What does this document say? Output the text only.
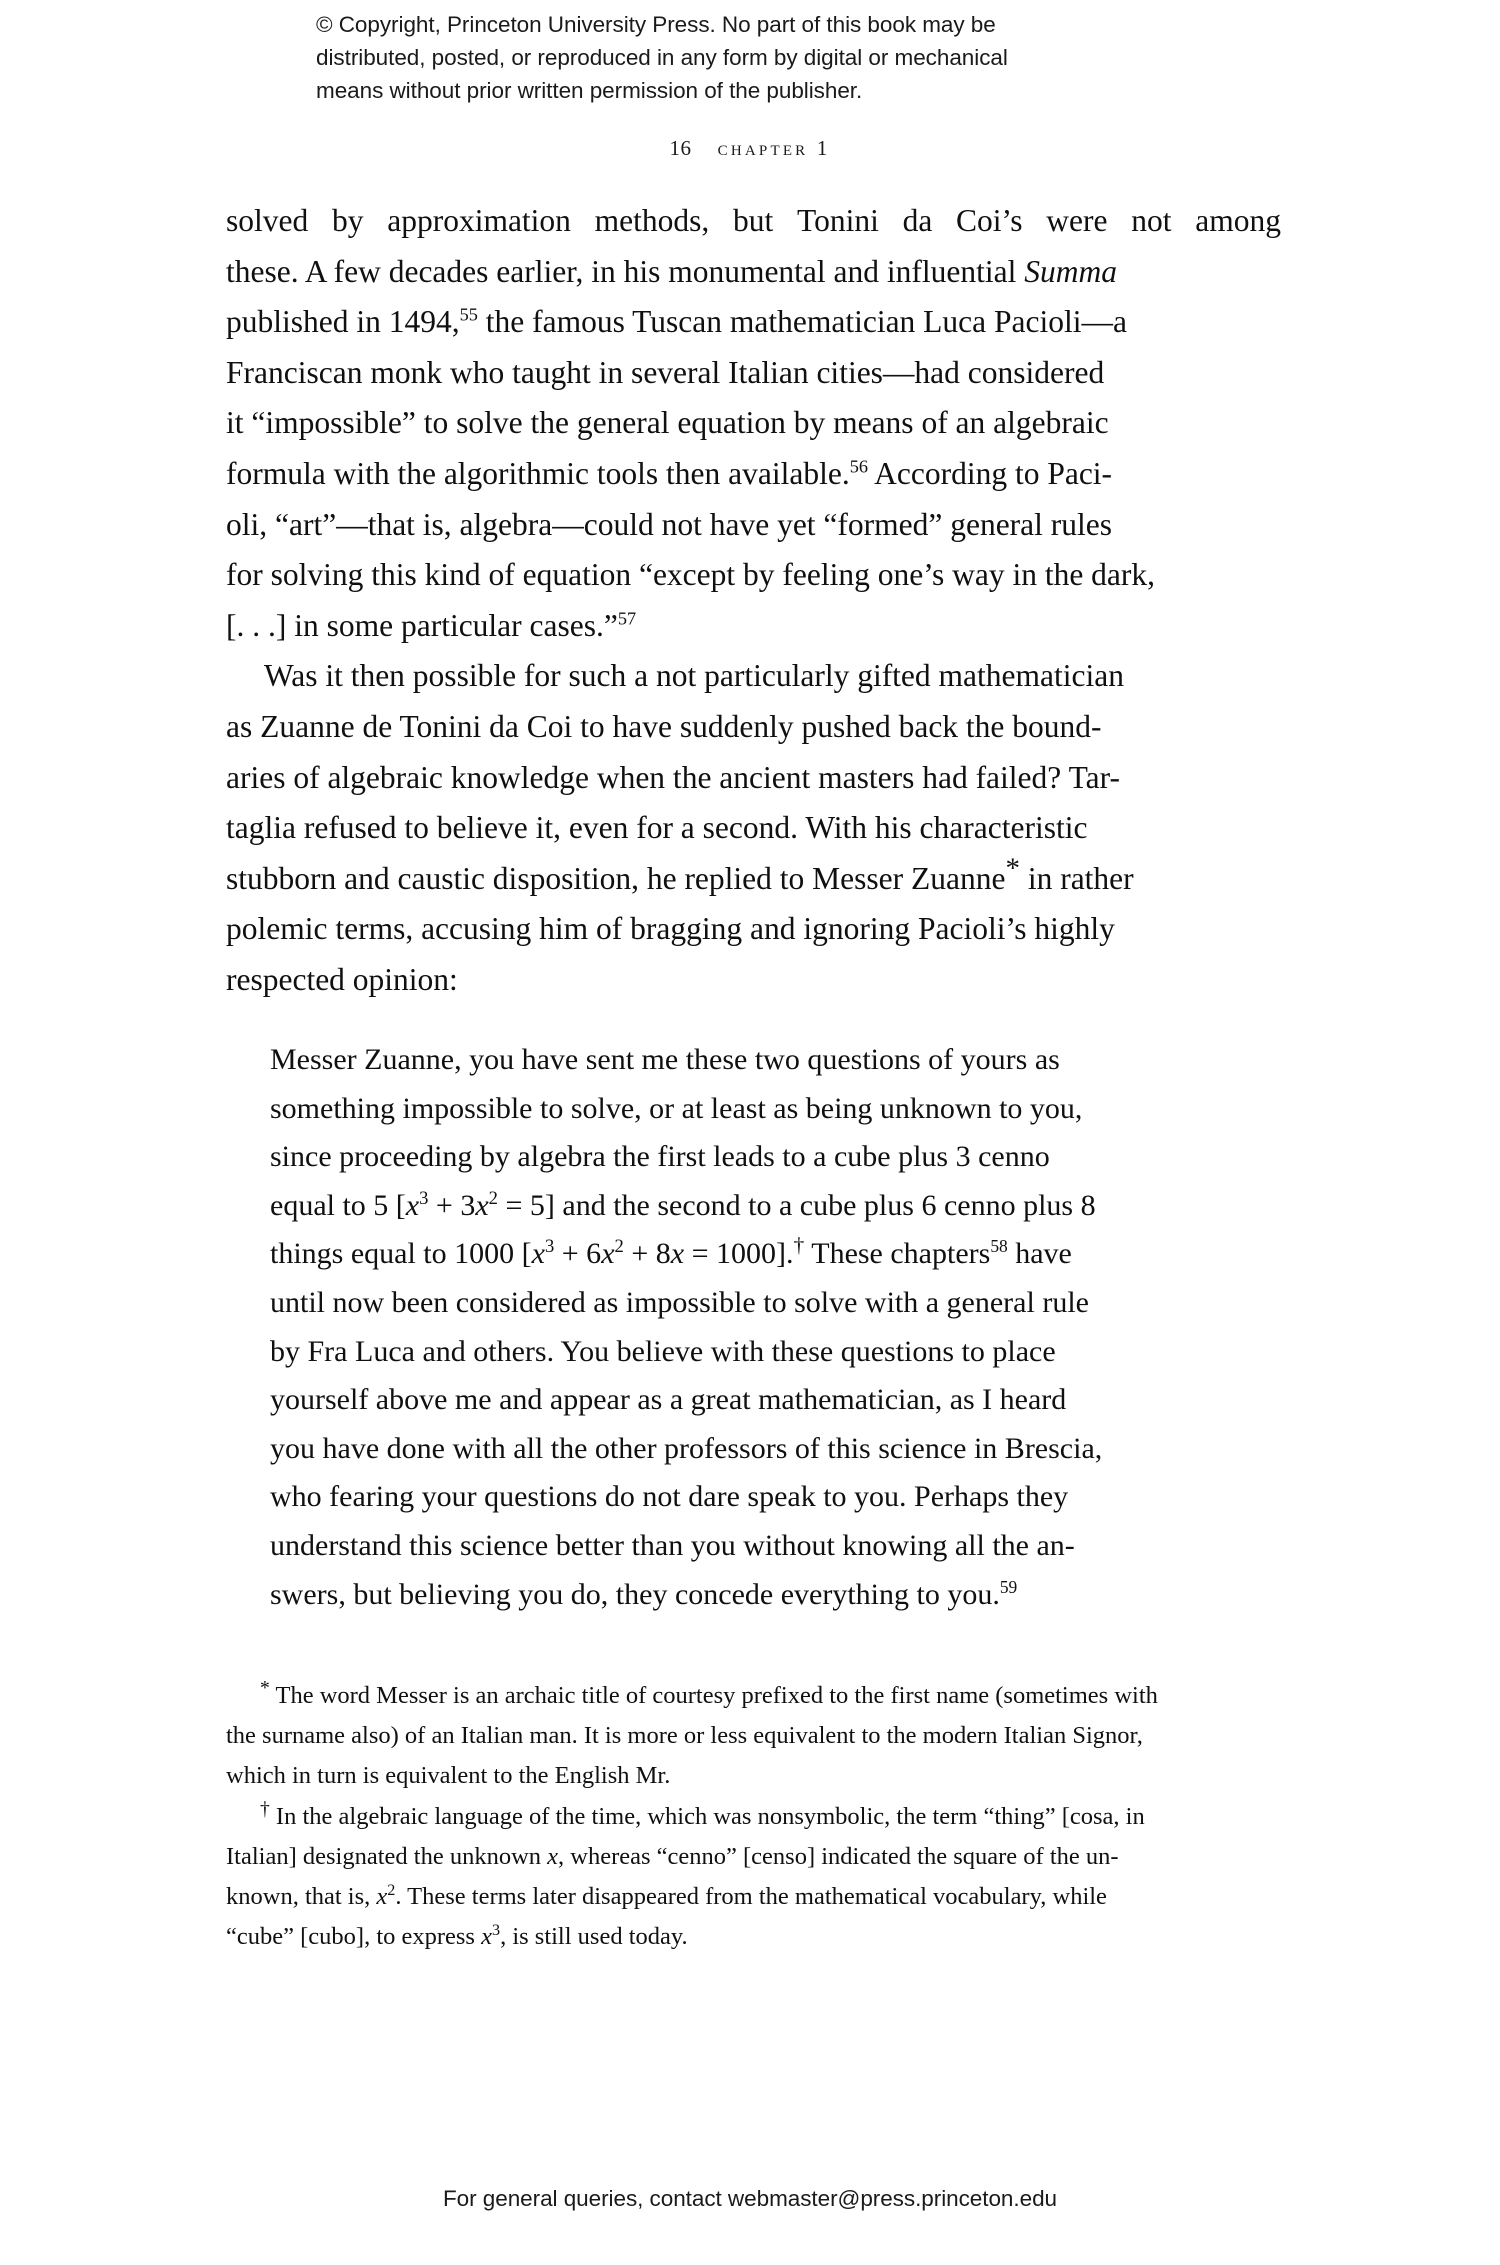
© Copyright, Princeton University Press. No part of this book may be
distributed, posted, or reproduced in any form by digital or mechanical
means without prior written permission of the publisher.
16 chapter 1

solved by approximation methods, but Tonini da Coi’s were not among
these. A few decades earlier, in his monumental and influential Summa
published in 1494,55 the famous Tuscan mathematician Luca Pacioli—a
Franciscan monk who taught in several Italian cities—had considered
it “impossible” to solve the general equation by means of an algebraic
formula with the algorithmic tools then available.$^{56}$ According to Paci-
oli, “art”—that is, algebra—could not have yet “formed” general rules
for solving this kind of equation “except by feeling one’s way in the dark,
[. . .] in some particular cases.”$^{57}$

Was it then possible for such a not particularly gifted mathematician
as Zuanne de Tonini da Coi to have suddenly pushed back the bound-
aries of algebraic knowledge when the ancient masters had failed? Tar-
taglia refused to believe it, even for a second. With his characteristic
stubborn and caustic disposition, he replied to Messer Zuanne* in rather
polemic terms, accusing him of bragging and ignoring Pacioli’s highly
respected opinion:

Messer Zuanne, you have sent me these two questions of yours as
something impossible to solve, or at least as being unknown to you,
since proceeding by algebra the first leads to a cube plus 3 cenno
equal to 5 $[x^3 + 3x^2 = 5]$ and the second to a cube plus 6 cenno plus 8
things equal to 1000 $[x^3 + 6x^2 + 8x = 1000].^\dagger$ These chapters$^{58}$ have
until now been considered as impossible to solve with a general rule
by Fra Luca and others. You believe with these questions to place
yourself above me and appear as a great mathematician, as I heard
you have done with all the other professors of this science in Brescia,
who fearing your questions do not dare speak to you. Perhaps they
understand this science better than you without knowing all the an-
swers, but believing you do, they concede everything to you.$^{59}$

* The word Messer is an archaic title of courtesy prefixed to the first name (sometimes with
the surname also) of an Italian man. It is more or less equivalent to the modern Italian Signor,
which in turn is equivalent to the English Mr.

† In the algebraic language of the time, which was nonsymbolic, the term “thing” [cosa, in
Italian] designated the unknown x, whereas “cenno” [censo] indicated the square of the un-
known, that is, $x^2$. These terms later disappeared from the mathematical vocabulary, while
“cube” [cubo], to express $x^3$, is still used today.

For general queries, contact webmaster@press.princeton.edu
